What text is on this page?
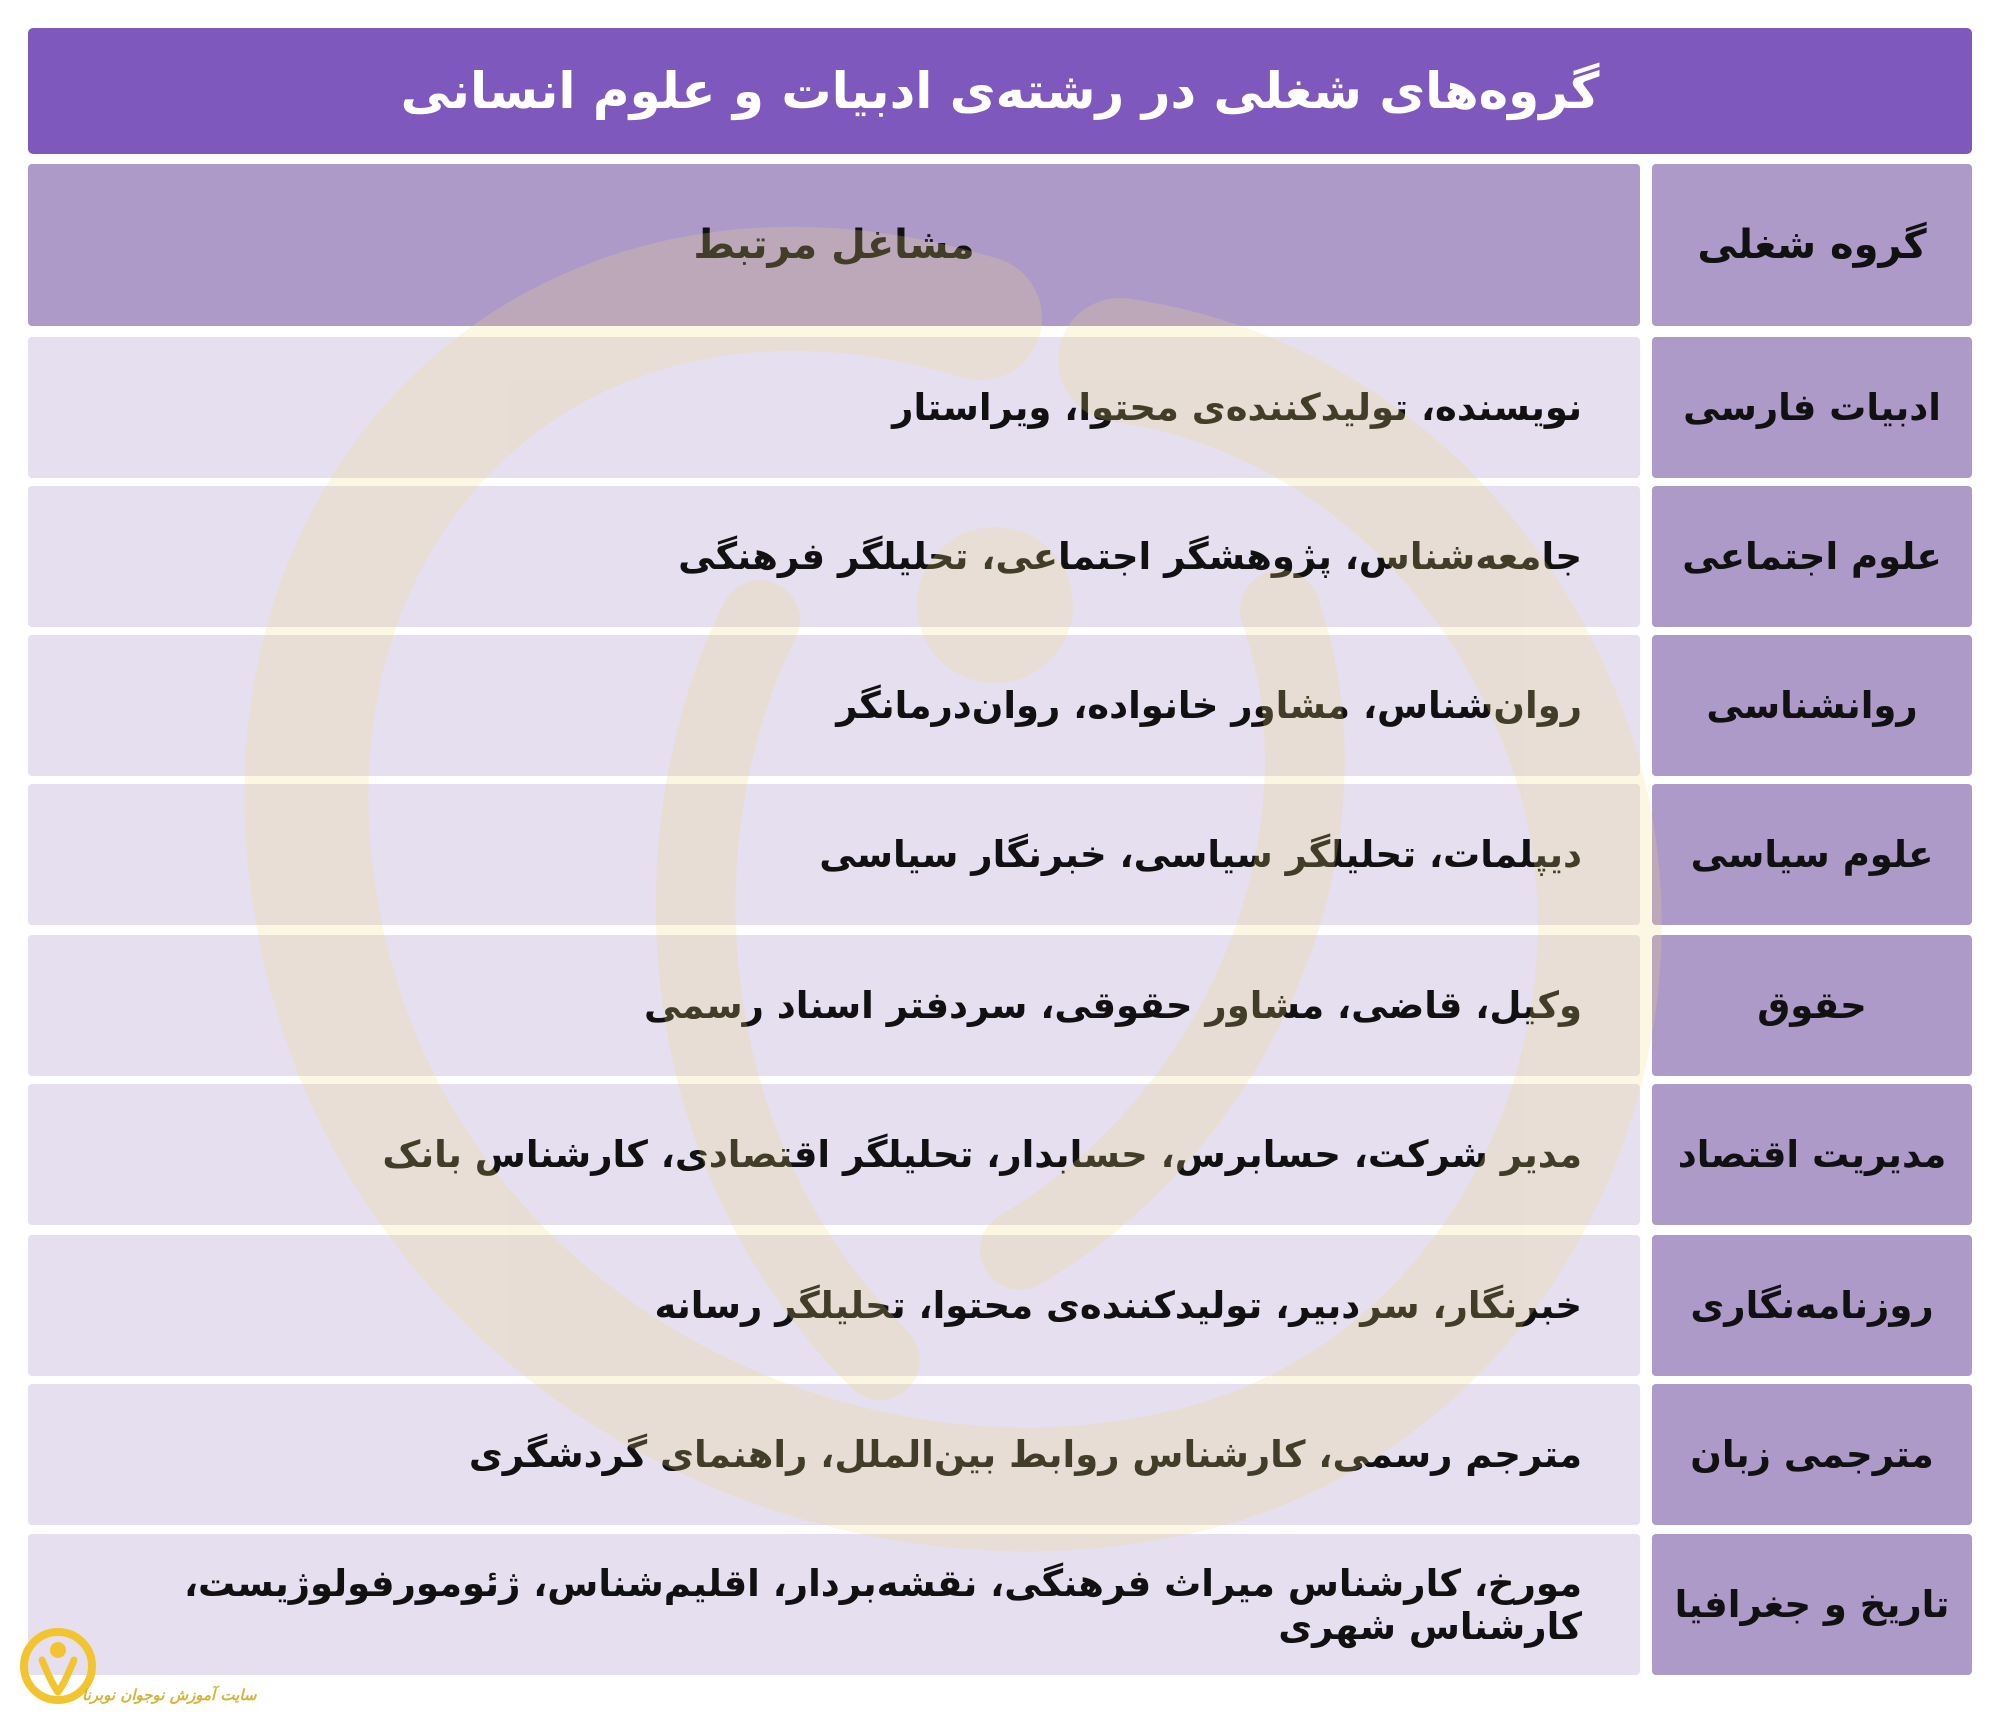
گروه‌های شغلی در رشته‌ی ادبیات و علوم انسانی
گروه شغلی
مشاغل مرتبط
ادبیات فارسی
نویسنده، تولیدکننده‌ی محتوا، ویراستار
علوم اجتماعی
جامعه‌شناس، پژوهشگر اجتماعی، تحلیلگر فرهنگی
روانشناسی
روان‌شناس، مشاور خانواده، روان‌درمانگر
علوم سیاسی
دیپلمات، تحلیلگر سیاسی، خبرنگار سیاسی
حقوق
وکیل، قاضی، مشاور حقوقی، سردفتر اسناد رسمی
مدیریت اقتصاد
مدیر شرکت، حسابرس، حسابدار، تحلیلگر اقتصادی، کارشناس بانک
روزنامه‌نگاری
خبرنگار، سردبیر، تولیدکننده‌ی محتوا، تحلیلگر رسانه
مترجمی زبان
مترجم رسمی، کارشناس روابط بین‌الملل، راهنمای گردشگری
تاریخ و جغرافیا
مورخ، کارشناس میراث فرهنگی، نقشه‌بردار، اقلیم‌شناس، ژئومورفولوژیست، کارشناس شهری
سایت آموزش نوجوان نوبرنا
